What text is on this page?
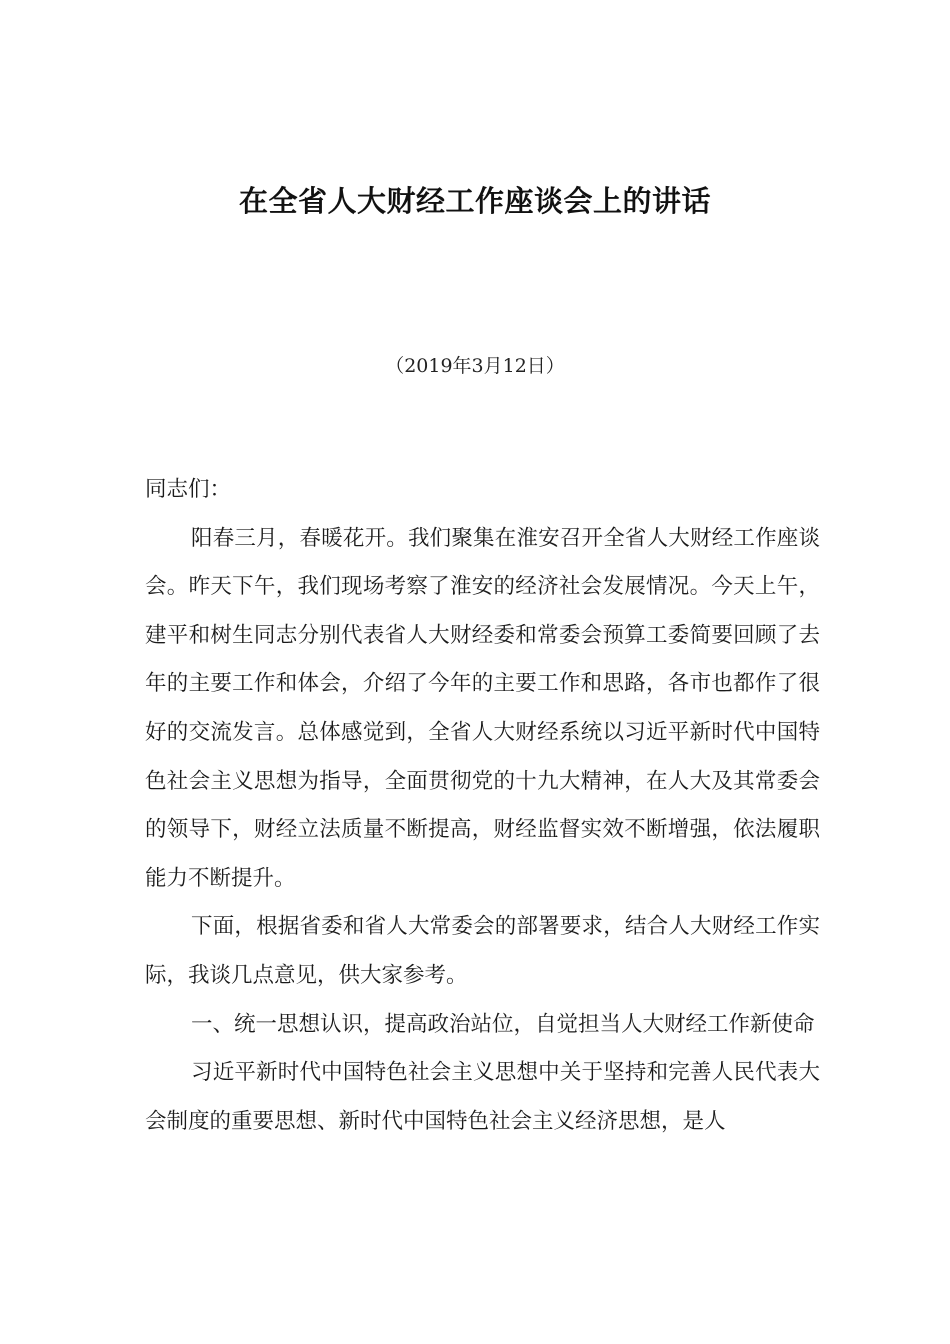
在全省人大财经工作座谈会上的讲话
（2019年3月12日）

同志们：

阳春三月，春暖花开。我们聚集在淮安召开全省人大财经工作座谈会。昨天下午，我们现场考察了淮安的经济社会发展情况。今天上午，建平和树生同志分别代表省人大财经委和常委会预算工委简要回顾了去年的主要工作和体会，介绍了今年的主要工作和思路，各市也都作了很好的交流发言。总体感觉到，全省人大财经系统以习近平新时代中国特色社会主义思想为指导，全面贯彻党的十九大精神，在人大及其常委会的领导下，财经立法质量不断提高，财经监督实效不断增强，依法履职能力不断提升。

下面，根据省委和省人大常委会的部署要求，结合人大财经工作实际，我谈几点意见，供大家参考。

一、统一思想认识，提高政治站位，自觉担当人大财经工作新使命

习近平新时代中国特色社会主义思想中关于坚持和完善人民代表大会制度的重要思想、新时代中国特色社会主义经济思想，是人
